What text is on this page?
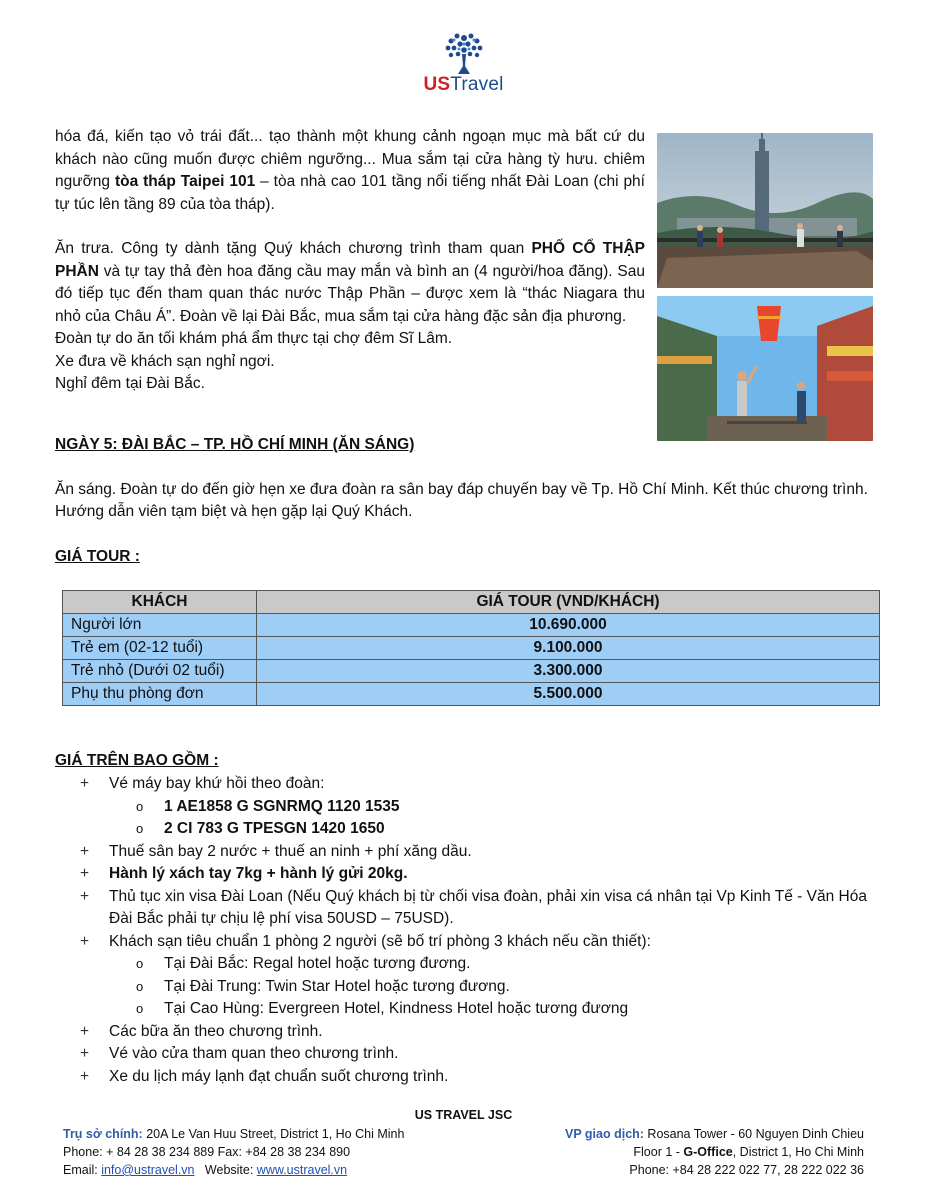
USTravel

hóa đá, kiến tạo vỏ trái đất... tạo thành một khung cảnh ngoạn mục mà bất cứ du khách nào cũng muốn được chiêm ngưỡng... Mua sắm tại cửa hàng tỳ hưu. chiêm ngưỡng tòa tháp Taipei 101 – tòa nhà cao 101 tầng nổi tiếng nhất Đài Loan (chi phí tự túc lên tầng 89 của tòa tháp).

Ăn trưa. Công ty dành tặng Quý khách chương trình tham quan PHỐ CỔ THẬP PHẦN và tự tay thả đèn hoa đăng cầu may mắn và bình an (4 người/hoa đăng). Sau đó tiếp tục đến tham quan thác nước Thập Phần – được xem là “thác Niagara thu nhỏ của Châu Á”. Đoàn về lại Đài Bắc, mua sắm tại cửa hàng đặc sản địa phương.

Đoàn tự do ăn tối khám phá ẩm thực tại chợ đêm Sĩ Lâm.

Xe đưa về khách sạn nghỉ ngơi.

Nghỉ đêm tại Đài Bắc.

NGÀY 5: ĐÀI BẮC – TP. HỒ CHÍ MINH (ĂN SÁNG)

Ăn sáng. Đoàn tự do đến giờ hẹn xe đưa đoàn ra sân bay đáp chuyến bay về Tp. Hồ Chí Minh. Kết thúc chương trình. Hướng dẫn viên tạm biệt và hẹn gặp lại Quý Khách.

GIÁ TOUR :

KHÁCH	GIÁ TOUR (VND/KHÁCH)
Người lớn	10.690.000
Trẻ em (02-12 tuổi)	9.100.000
Trẻ nhỏ (Dưới 02 tuổi)	3.300.000
Phụ thu phòng đơn	5.500.000

GIÁ TRÊN BAO GỒM :

+ Vé máy bay khứ hồi theo đoàn:
o 1 AE1858 G SGNRMQ 1120 1535
o 2 CI 783 G TPESGN 1420 1650
+ Thuế sân bay 2 nước + thuế an ninh + phí xăng dầu.
+ Hành lý xách tay 7kg + hành lý gửi 20kg.
+ Thủ tục xin visa Đài Loan (Nếu Quý khách bị từ chối visa đoàn, phải xin visa cá nhân tại Vp Kinh Tế - Văn Hóa Đài Bắc phải tự chịu lệ phí visa 50USD – 75USD).
+ Khách sạn tiêu chuẩn 1 phòng 2 người (sẽ bố trí phòng 3 khách nếu cần thiết):
o Tại Đài Bắc: Regal hotel hoặc tương đương.
o Tại Đài Trung: Twin Star Hotel hoặc tương đương.
o Tại Cao Hùng: Evergreen Hotel, Kindness Hotel hoặc tương đương
+ Các bữa ăn theo chương trình.
+ Vé vào cửa tham quan theo chương trình.
+ Xe du lịch máy lạnh đạt chuẩn suốt chương trình.
US TRAVEL JSC
Trụ sở chính: 20A Le Van Huu Street, District 1, Ho Chi Minh
Phone: + 84 28 38 234 889 Fax: +84 28 38 234 890
Email: info@ustravel.vn   Website: www.ustravel.vn
VP giao dịch: Rosana Tower - 60 Nguyen Dinh Chieu
Floor 1 - G-Office, District 1, Ho Chi Minh
Phone: +84 28 222 022 77, 28 222 022 36
